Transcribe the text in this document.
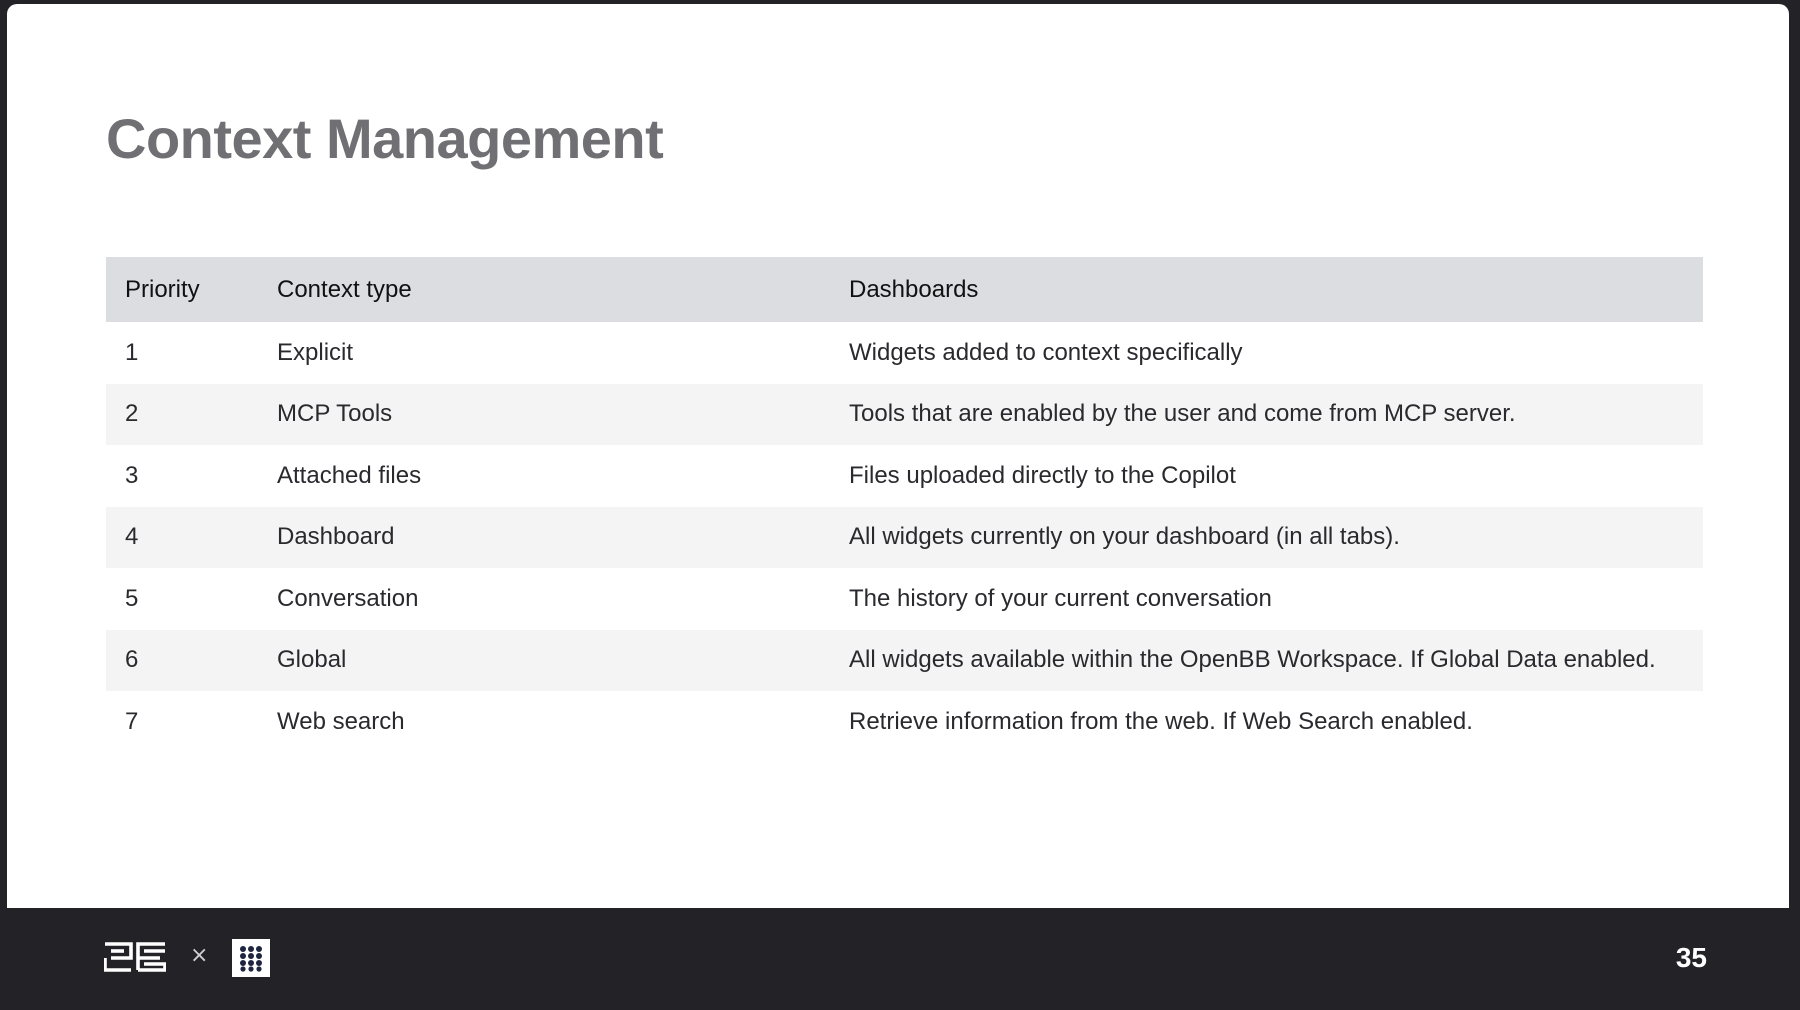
Context Management
Priority	Context type	Dashboards
1	Explicit	Widgets added to context specifically
2	MCP Tools	Tools that are enabled by the user and come from MCP server.
3	Attached files	Files uploaded directly to the Copilot
4	Dashboard	All widgets currently on your dashboard (in all tabs).
5	Conversation	The history of your current conversation
6	Global	All widgets available within the OpenBB Workspace. If Global Data enabled.
7	Web search	Retrieve information from the web. If Web Search enabled.
×	35
